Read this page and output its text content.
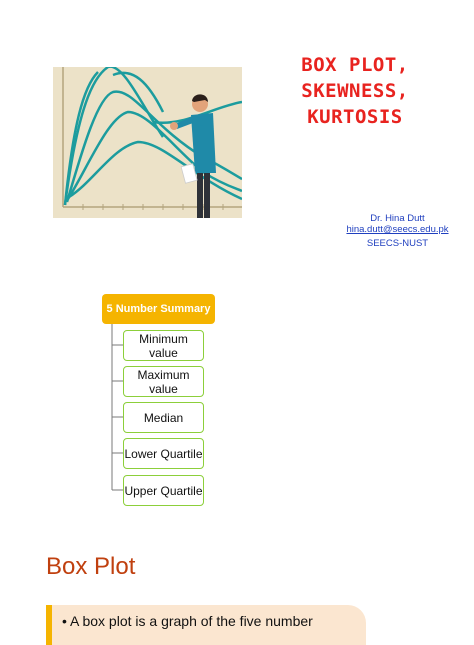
BOX PLOT,
SKEWNESS,
KURTOSIS
Dr. Hina Dutt
hina.dutt@seecs.edu.pk
SEECS-NUST
5 Number Summary
Minimum value
Maximum value
Median
Lower Quartile
Upper Quartile
Box Plot
• A box plot is a graph of the five number
